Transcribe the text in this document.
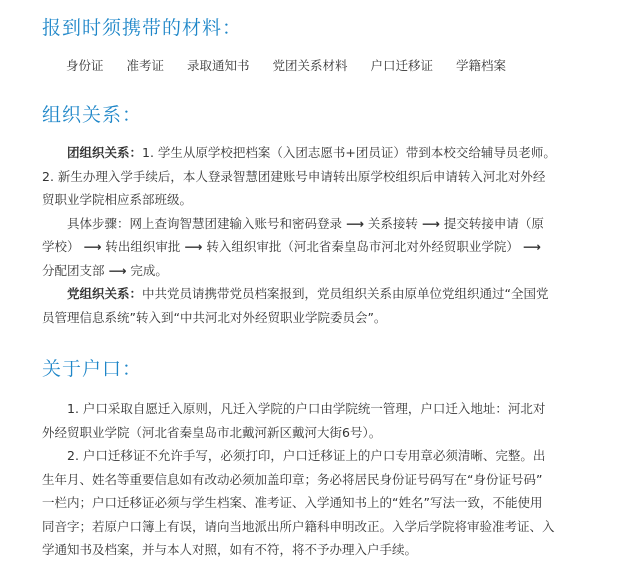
报到时须携带的材料：
身份证 准考证 录取通知书 党团关系材料 户口迁移证 学籍档案
组织关系：
团组织关系：1. 学生从原学校把档案（入团志愿书+团员证）带到本校交给辅导员老师。
2. 新生办理入学手续后，本人登录智慧团建账号申请转出原学校组织后申请转入河北对外经
贸职业学院相应系部班级。
具体步骤：网上查询智慧团建输入账号和密码登录 ⟶ 关系接转 ⟶ 提交转接申请（原
学校） ⟶ 转出组织审批 ⟶ 转入组织审批（河北省秦皇岛市河北对外经贸职业学院） ⟶
分配团支部 ⟶ 完成。
党组织关系：中共党员请携带党员档案报到，党员组织关系由原单位党组织通过“全国党
员管理信息系统”转入到“中共河北对外经贸职业学院委员会”。
关于户口：
1. 户口采取自愿迁入原则，凡迁入学院的户口由学院统一管理，户口迁入地址：河北对
外经贸职业学院（河北省秦皇岛市北戴河新区戴河大街6号）。
2. 户口迁移证不允许手写，必须打印，户口迁移证上的户口专用章必须清晰、完整。出
生年月、姓名等重要信息如有改动必须加盖印章；务必将居民身份证号码写在“身份证号码”
一栏内；户口迁移证必须与学生档案、准考证、入学通知书上的“姓名”写法一致，不能使用
同音字；若原户口簿上有误，请向当地派出所户籍科申明改正。入学后学院将审验准考证、入
学通知书及档案，并与本人对照，如有不符，将不予办理入户手续。
